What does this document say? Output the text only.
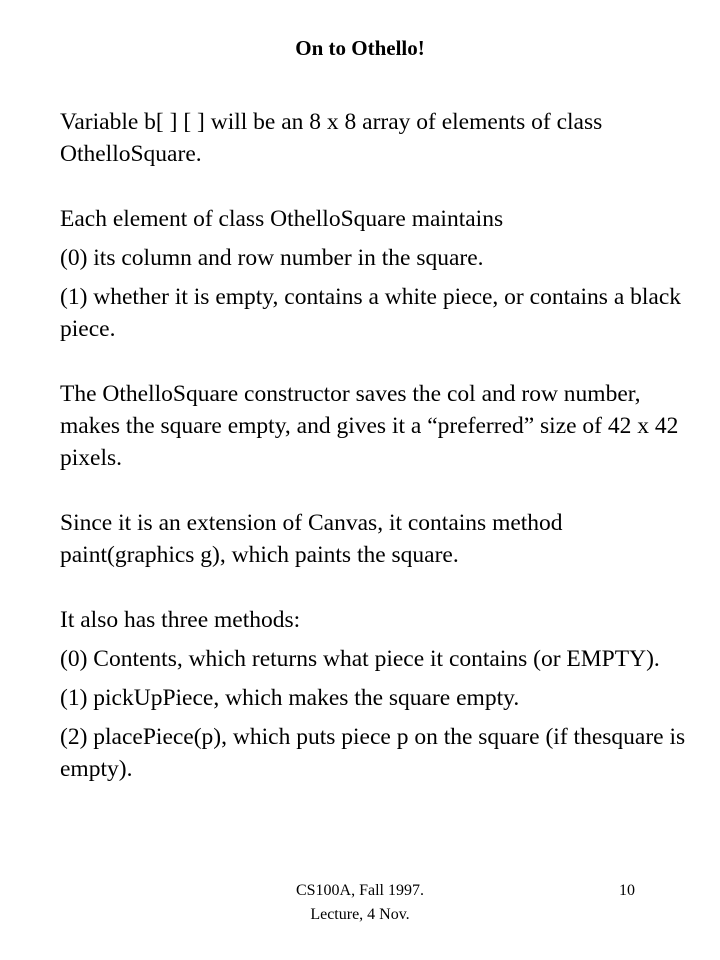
On to Othello!

Variable b[ ] [ ] will be an 8 x 8 array of elements of class OthelloSquare.

Each element of class OthelloSquare maintains

(0) its column and row number in the square.

(1) whether it is empty, contains a white piece, or contains a black piece.

The OthelloSquare constructor saves the col and row number, makes the square empty, and gives it a “preferred” size of 42 x 42 pixels.

Since it is an extension of Canvas, it contains method paint(graphics g), which paints the square.

It also has three methods:

(0) Contents, which returns what piece it contains (or EMPTY).

(1) pickUpPiece, which makes the square empty.

(2) placePiece(p), which puts piece p on the square (if thesquare is empty).

CS100A, Fall 1997.
Lecture, 4 Nov.
10
